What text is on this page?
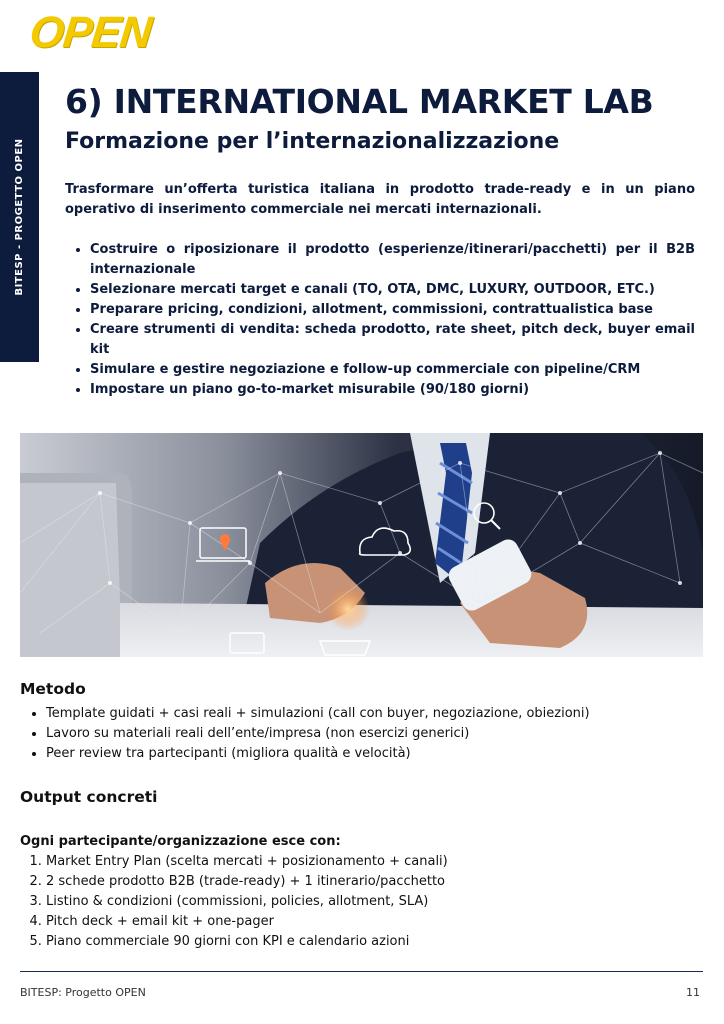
OPEN
BITESP - PROGETTO OPEN
6) INTERNATIONAL MARKET LAB
Formazione per l’internazionalizzazione

Trasformare un’offerta turistica italiana in prodotto trade-ready e in un piano operativo di inserimento commerciale nei mercati internazionali.

• Costruire o riposizionare il prodotto (esperienze/itinerari/pacchetti) per il B2B internazionale
• Selezionare mercati target e canali (TO, OTA, DMC, LUXURY, OUTDOOR, ETC.)
• Preparare pricing, condizioni, allotment, commissioni, contrattualistica base
• Creare strumenti di vendita: scheda prodotto, rate sheet, pitch deck, buyer email kit
• Simulare e gestire negoziazione e follow-up commerciale con pipeline/CRM
• Impostare un piano go-to-market misurabile (90/180 giorni)
Metodo
• Template guidati + casi reali + simulazioni (call con buyer, negoziazione, obiezioni)
• Lavoro su materiali reali dell’ente/impresa (non esercizi generici)
• Peer review tra partecipanti (migliora qualità e velocità)
Output concreti

Ogni partecipante/organizzazione esce con:

1. Market Entry Plan (scelta mercati + posizionamento + canali)
2. 2 schede prodotto B2B (trade-ready) + 1 itinerario/pacchetto
3. Listino & condizioni (commissioni, policies, allotment, SLA)
4. Pitch deck + email kit + one-pager
5. Piano commerciale 90 giorni con KPI e calendario azioni
BITESP: Progetto OPEN	11
